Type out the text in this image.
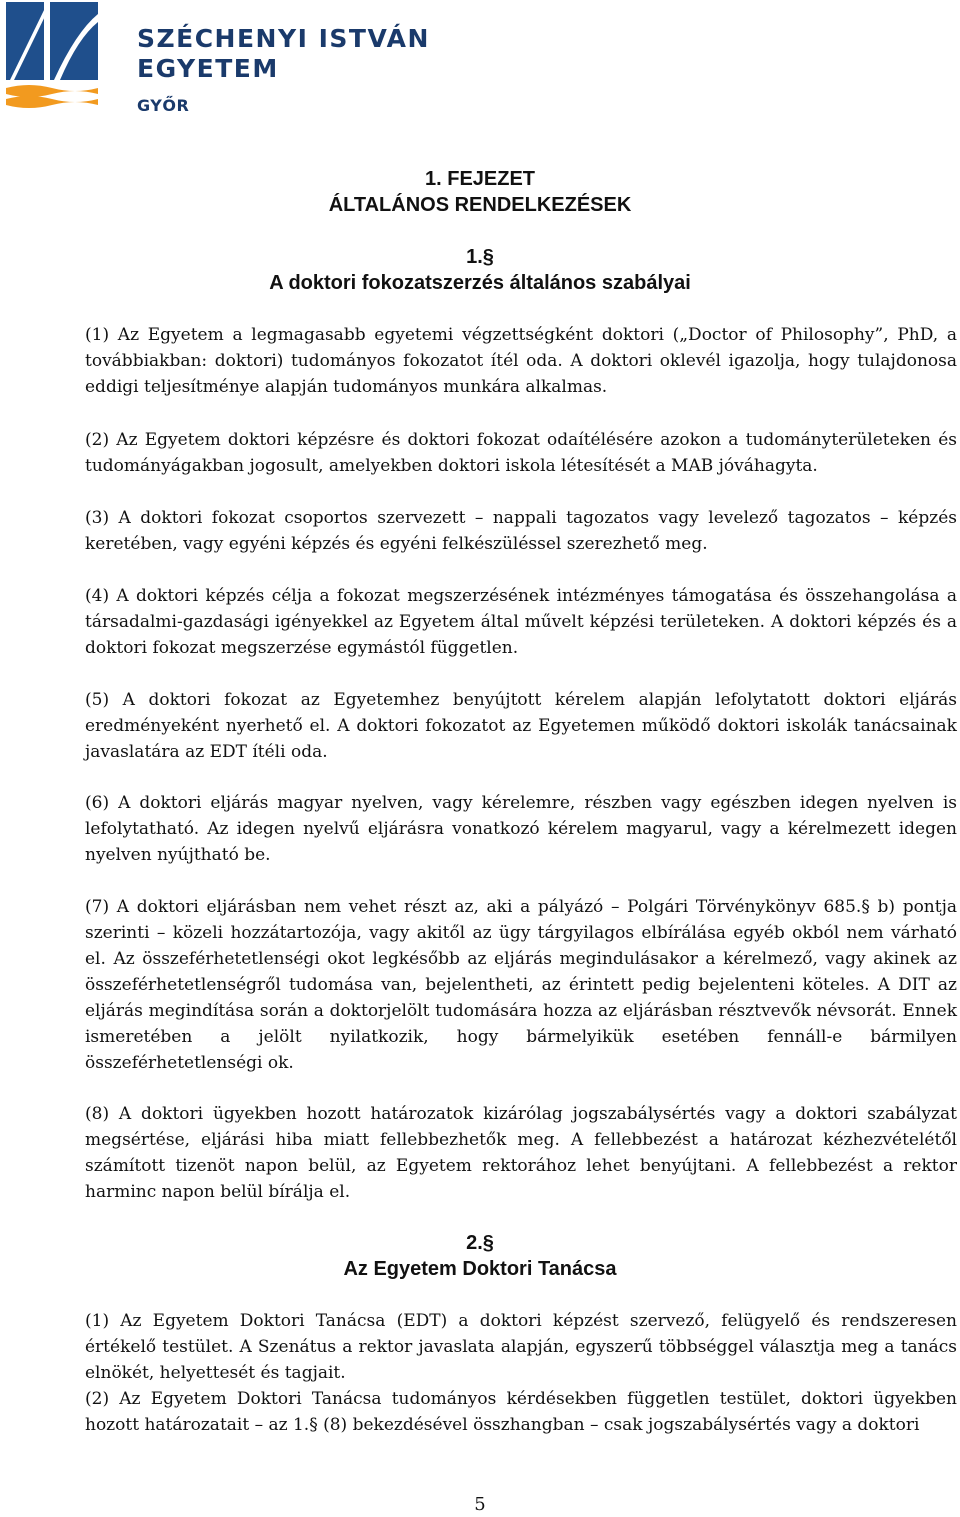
SZÉCHENYI ISTVÁN
EGYETEM
GYŐR
1. FEJEZET
ÁLTALÁNOS RENDELKEZÉSEK
1.§
A doktori fokozatszerzés általános szabályai

(1) Az Egyetem a legmagasabb egyetemi végzettségként doktori („Doctor of Philosophy”, PhD, a továbbiakban: doktori) tudományos fokozatot ítél oda. A doktori oklevél igazolja, hogy tulajdonosa eddigi teljesítménye alapján tudományos munkára alkalmas.

(2) Az Egyetem doktori képzésre és doktori fokozat odaítélésére azokon a tudományterületeken és tudományágakban jogosult, amelyekben doktori iskola létesítését a MAB jóváhagyta.

(3) A doktori fokozat csoportos szervezett – nappali tagozatos vagy levelező tagozatos – képzés keretében, vagy egyéni képzés és egyéni felkészüléssel szerezhető meg.

(4) A doktori képzés célja a fokozat megszerzésének intézményes támogatása és összehangolása a társadalmi-gazdasági igényekkel az Egyetem által művelt képzési területeken. A doktori képzés és a doktori fokozat megszerzése egymástól független.

(5) A doktori fokozat az Egyetemhez benyújtott kérelem alapján lefolytatott doktori eljárás eredményeként nyerhető el. A doktori fokozatot az Egyetemen működő doktori iskolák tanácsainak javaslatára az EDT ítéli oda.

(6) A doktori eljárás magyar nyelven, vagy kérelemre, részben vagy egészben idegen nyelven is lefolytatható. Az idegen nyelvű eljárásra vonatkozó kérelem magyarul, vagy a kérelmezett idegen nyelven nyújtható be.

(7) A doktori eljárásban nem vehet részt az, aki a pályázó – Polgári Törvénykönyv 685.§ b) pontja szerinti – közeli hozzátartozója, vagy akitől az ügy tárgyilagos elbírálása egyéb okból nem várható el. Az összeférhetetlenségi okot legkésőbb az eljárás megindulásakor a kérelmező, vagy akinek az összeférhetetlenségről tudomása van, bejelentheti, az érintett pedig bejelenteni köteles. A DIT az eljárás megindítása során a doktorjelölt tudomására hozza az eljárásban résztvevők névsorát. Ennek ismeretében a jelölt nyilatkozik, hogy bármelyikük esetében fennáll-e bármilyen összeférhetetlenségi ok.

(8) A doktori ügyekben hozott határozatok kizárólag jogszabálysértés vagy a doktori szabályzat megsértése, eljárási hiba miatt fellebbezhetők meg. A fellebbezést a határozat kézhezvételétől számított tizenöt napon belül, az Egyetem rektorához lehet benyújtani. A fellebbezést a rektor harminc napon belül bírálja el.

2.§
Az Egyetem Doktori Tanácsa

(1) Az Egyetem Doktori Tanácsa (EDT) a doktori képzést szervező, felügyelő és rendszeresen értékelő testület. A Szenátus a rektor javaslata alapján, egyszerű többséggel választja meg a tanács elnökét, helyettesét és tagjait.

(2) Az Egyetem Doktori Tanácsa tudományos kérdésekben független testület, doktori ügyekben hozott határozatait – az 1.§ (8) bekezdésével összhangban – csak jogszabálysértés vagy a doktori

5
